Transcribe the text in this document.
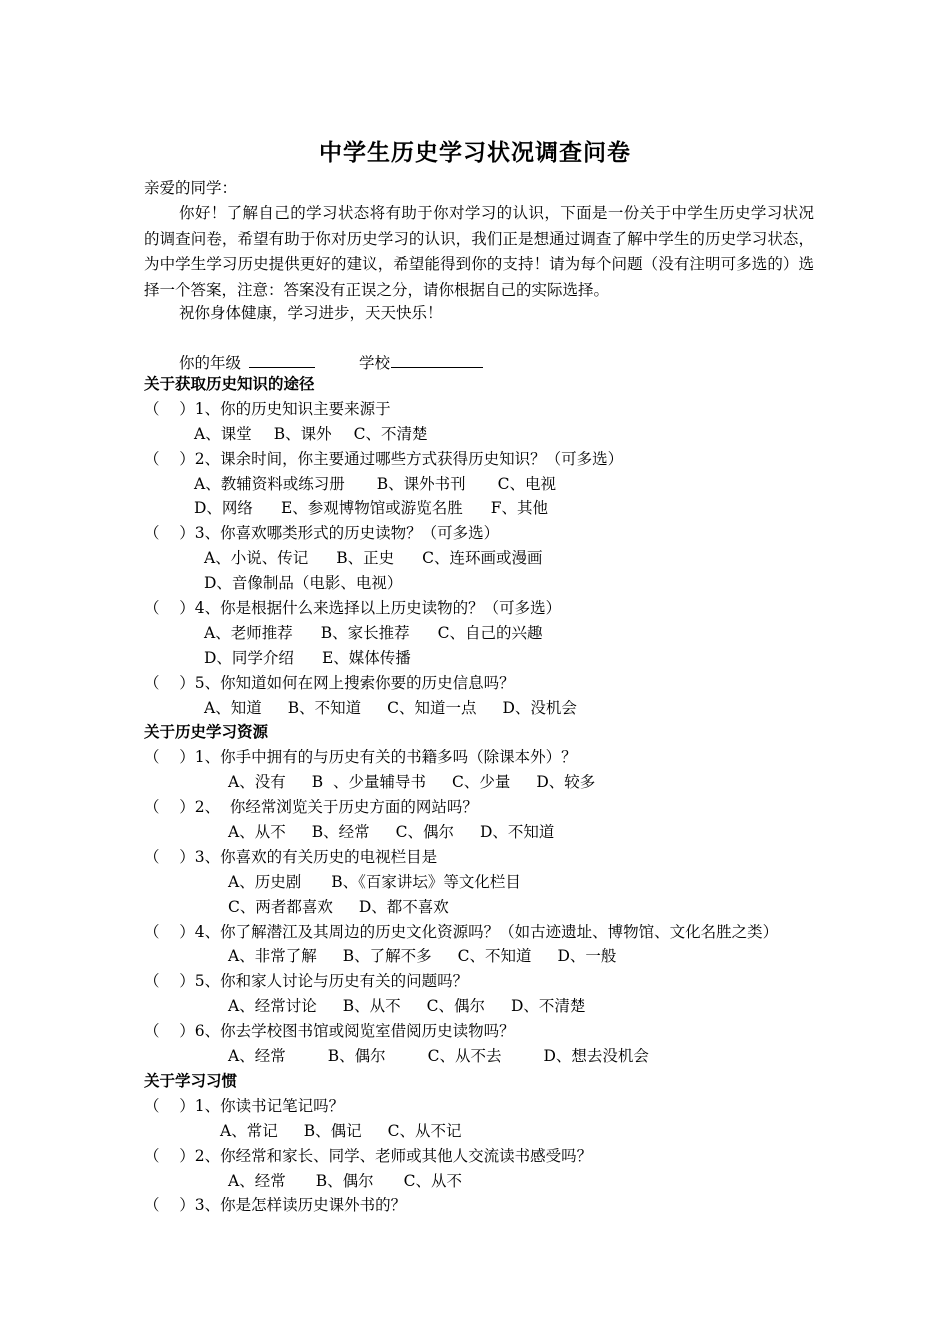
中学生历史学习状况调查问卷
亲爱的同学：
你好！了解自己的学习状态将有助于你对学习的认识，下面是一份关于中学生历史学习状况的调查问卷，希望有助于你对历史学习的认识，我们正是想通过调查了解中学生的历史学习状态，为中学生学习历史提供更好的建议，希望能得到你的支持！请为每个问题（没有注明可多选的）选择一个答案，注意：答案没有正误之分，请你根据自己的实际选择。
祝你身体健康，学习进步，天天快乐！
你的年级	学校
关于获取历史知识的途径
（    ）1、你的历史知识主要来源于
A、课堂 B、课外 C、不清楚
（    ）2、课余时间，你主要通过哪些方式获得历史知识？（可多选）
A、教辅资料或练习册 B、课外书刊 C、电视
D、网络 E、参观博物馆或游览名胜 F、其他
（    ）3、你喜欢哪类形式的历史读物？（可多选）
A、小说、传记 B、正史 C、连环画或漫画
D、音像制品（电影、电视）
（    ）4、你是根据什么来选择以上历史读物的？（可多选）
A、老师推荐 B、家长推荐 C、自己的兴趣
D、同学介绍 E、媒体传播
（    ）5、你知道如何在网上搜索你要的历史信息吗？
A、知道 B、不知道 C、知道一点 D、没机会
关于历史学习资源
（    ）1、你手中拥有的与历史有关的书籍多吗（除课本外）？
A、没有 B  、少量辅导书 C、少量 D、较多
（    ）2、  你经常浏览关于历史方面的网站吗？
A、从不 B、经常 C、偶尔 D、不知道
（    ）3、你喜欢的有关历史的电视栏目是
A、历史剧 B、《百家讲坛》等文化栏目
C、两者都喜欢 D、都不喜欢
（    ）4、你了解潜江及其周边的历史文化资源吗？（如古迹遗址、博物馆、文化名胜之类）
A、非常了解 B、了解不多 C、不知道 D、一般
（    ）5、你和家人讨论与历史有关的问题吗？
A、经常讨论 B、从不 C、偶尔 D、不清楚
（    ）6、你去学校图书馆或阅览室借阅历史读物吗？
A、经常	B、偶尔	C、从不去	D、想去没机会
关于学习习惯
（    ）1、你读书记笔记吗？
A、常记 B、偶记 C、从不记
（    ）2、你经常和家长、同学、老师或其他人交流读书感受吗？
A、经常 B、偶尔 C、从不
（    ）3、你是怎样读历史课外书的？
